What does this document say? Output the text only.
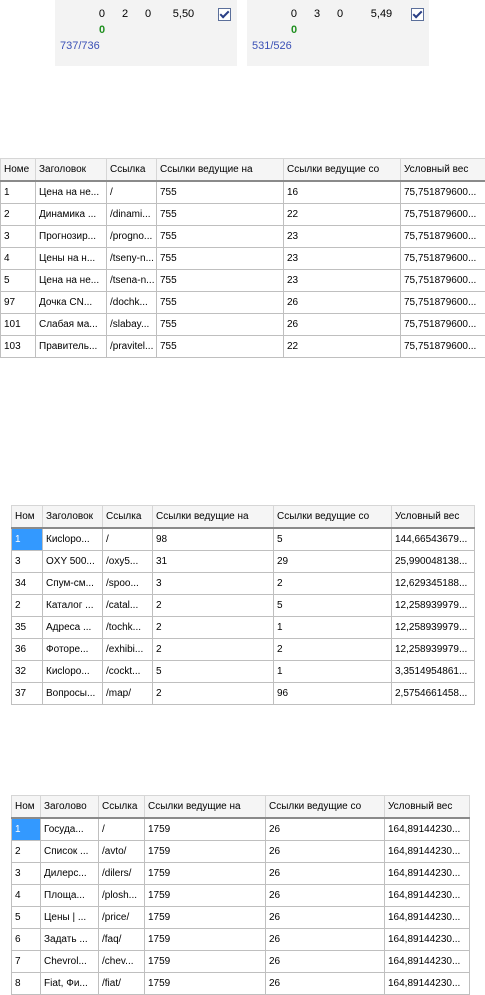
0 2 0 5,50
0
737/736
0 3 0	5,49
0
531/526
Номе	Заголовок	Ссылка	Ссылки ведущие на	Ссылки ведущие со	Условный вес
1	Цена на не...	/	755	16	75,751879600...
2	Динамика ...	/dinami...	755	22	75,751879600...
3	Прогнозир...	/progno...	755	23	75,751879600...
4	Цены на н...	/tseny-n...	755	23	75,751879600...
5	Цена на не...	/tsena-n...	755	23	75,751879600...
97	Дочка CN...	/dochk...	755	26	75,751879600...
101	Слабая ма...	/slabay...	755	26	75,751879600...
103	Правитель...	/pravitel...	755	22	75,751879600...
Ном	Заголовок	Ссылка	Ссылки ведущие на	Ссылки ведущие со	Условный вес
1	Кисloро...	/	98	5	144,66543679...
3	OXY 500...	/oxy5...	31	29	25,990048138...
34	Спум-см...	/spoo...	3	2	12,629345188...
2	Каталог ...	/catal...	2	5	12,258939979...
35	Адреса ...	/tochk...	2	1	12,258939979...
36	Фоторе...	/exhibi...	2	2	12,258939979...
32	Кисloро...	/cockt...	5	1	3,3514954861...
37	Вопросы...	/map/	2	96	2,5754661458...
Ном	Заголово	Ссылка	Ссылки ведущие на	Ссылки ведущие со	Условный вес
1	Госуда...	/	1759	26	164,89144230...
2	Список ...	/avto/	1759	26	164,89144230...
3	Дилерс...	/dilers/	1759	26	164,89144230...
4	Площа...	/plosh...	1759	26	164,89144230...
5	Цены | ...	/price/	1759	26	164,89144230...
6	Задать ...	/faq/	1759	26	164,89144230...
7	Chevrol...	/chev...	1759	26	164,89144230...
8	Fiat, Фи...	/fiat/	1759	26	164,89144230...
